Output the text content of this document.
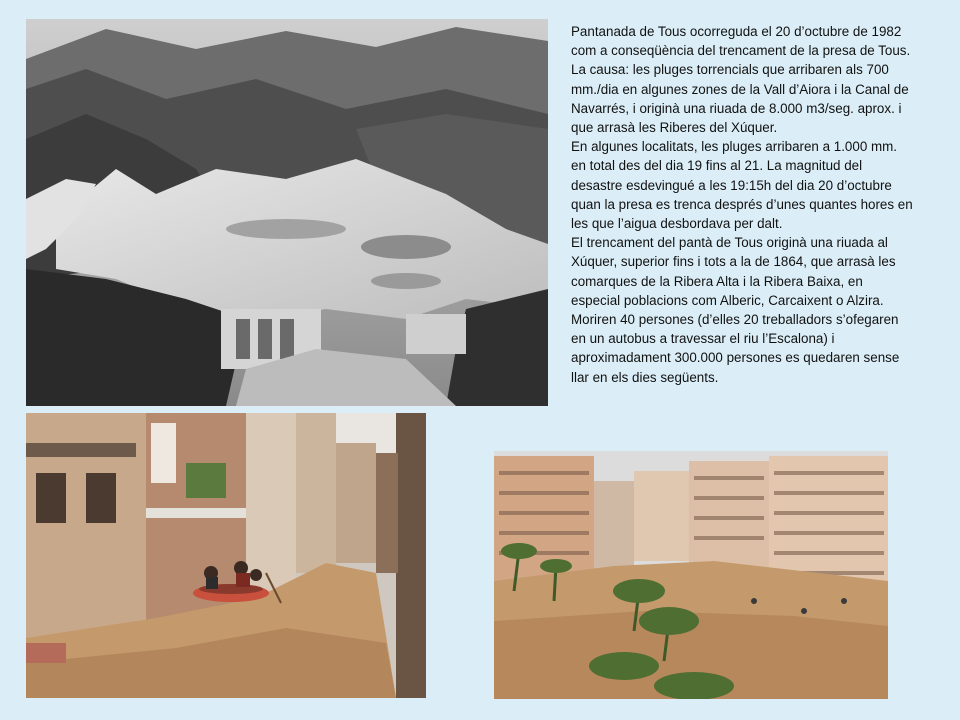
Pantanada de Tous ocorreguda el 20 d’octubre de 1982 com a conseqüència del trencament de la presa de Tous. La causa: les pluges torrencials que arribaren als 700 mm./dia en algunes zones de la Vall d’Aiora i la Canal de Navarrés, i originà una riuada de 8.000 m3/seg. aprox. i que arrasà les Riberes del Xúquer.

En algunes localitats, les pluges arribaren a 1.000 mm. en total des del dia 19 fins al 21. La magnitud del desastre esdevingué a les 19:15h del dia 20 d’octubre quan la presa es trenca després d’unes quantes hores en les que l’aigua desbordava per dalt.

El trencament del pantà de Tous originà una riuada al Xúquer, superior fins i tots a la de 1864, que arrasà les comarques de la Ribera Alta i la Ribera Baixa, en especial poblacions com Alberic, Carcaixent o Alzira. Moriren 40 persones (d’elles 20 treballadors s’ofegaren en un autobus a travessar el riu l’Escalona) i aproximadament 300.000 persones es quedaren sense llar en els dies següents.
